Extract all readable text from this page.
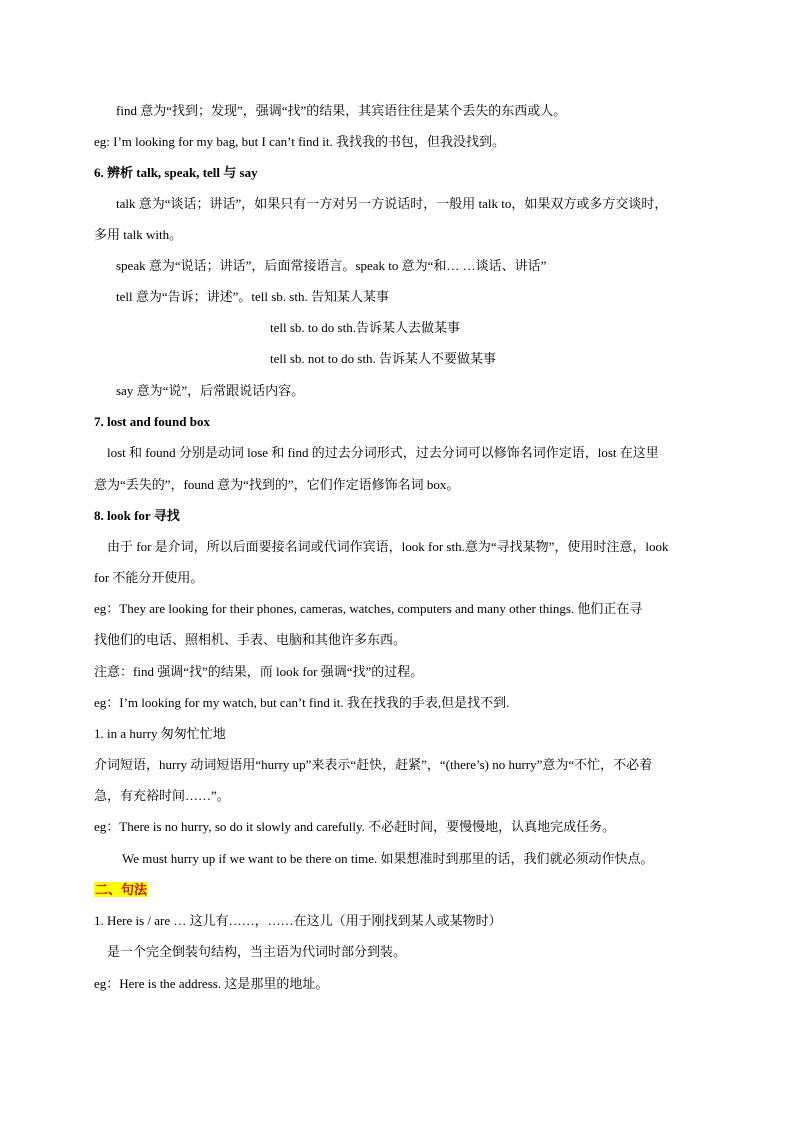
find 意为“找到；发现”，强调“找”的结果，其宾语往往是某个丢失的东西或人。
eg: I’m looking for my bag, but I can’t find it. 我找我的书包，但我没找到。
6. 辨析 talk, speak, tell 与 say
talk 意为“谈话；讲话”，如果只有一方对另一方说话时，一般用 talk to，如果双方或多方交谈时，
多用 talk with。
speak 意为“说话；讲话”，后面常接语言。speak to 意为“和… …谈话、讲话”
tell 意为“告诉；讲述”。tell sb. sth. 告知某人某事
tell sb. to do sth.告诉某人去做某事
tell sb. not to do sth. 告诉某人不要做某事
say 意为“说”，后常跟说话内容。
7. lost and found box
lost 和 found 分别是动词 lose 和 find 的过去分词形式，过去分词可以修饰名词作定语，lost 在这里
意为“丢失的”，found 意为“找到的”，它们作定语修饰名词 box。
8. look for 寻找
由于 for 是介词，所以后面要接名词或代词作宾语，look for sth.意为“寻找某物”，使用时注意，look
for 不能分开使用。
eg：They are looking for their phones, cameras, watches, computers and many other things. 他们正在寻
找他们的电话、照相机、手表、电脑和其他许多东西。
注意：find 强调“找”的结果，而 look for 强调“找”的过程。
eg：I’m looking for my watch, but can’t find it. 我在找我的手表,但是找不到.
1. in a hurry 匆匆忙忙地
介词短语，hurry 动词短语用“hurry up”来表示“赶快，赶紧”，“(there’s) no hurry”意为“不忙，不必着
急，有充裕时间……”。
eg：There is no hurry, so do it slowly and carefully. 不必赶时间，要慢慢地，认真地完成任务。
We must hurry up if we want to be there on time. 如果想准时到那里的话，我们就必须动作快点。
二、句法
1. Here is / are … 这儿有……，……在这儿（用于刚找到某人或某物时）
是一个完全倒装句结构，当主语为代词时部分到装。
eg：Here is the address. 这是那里的地址。
